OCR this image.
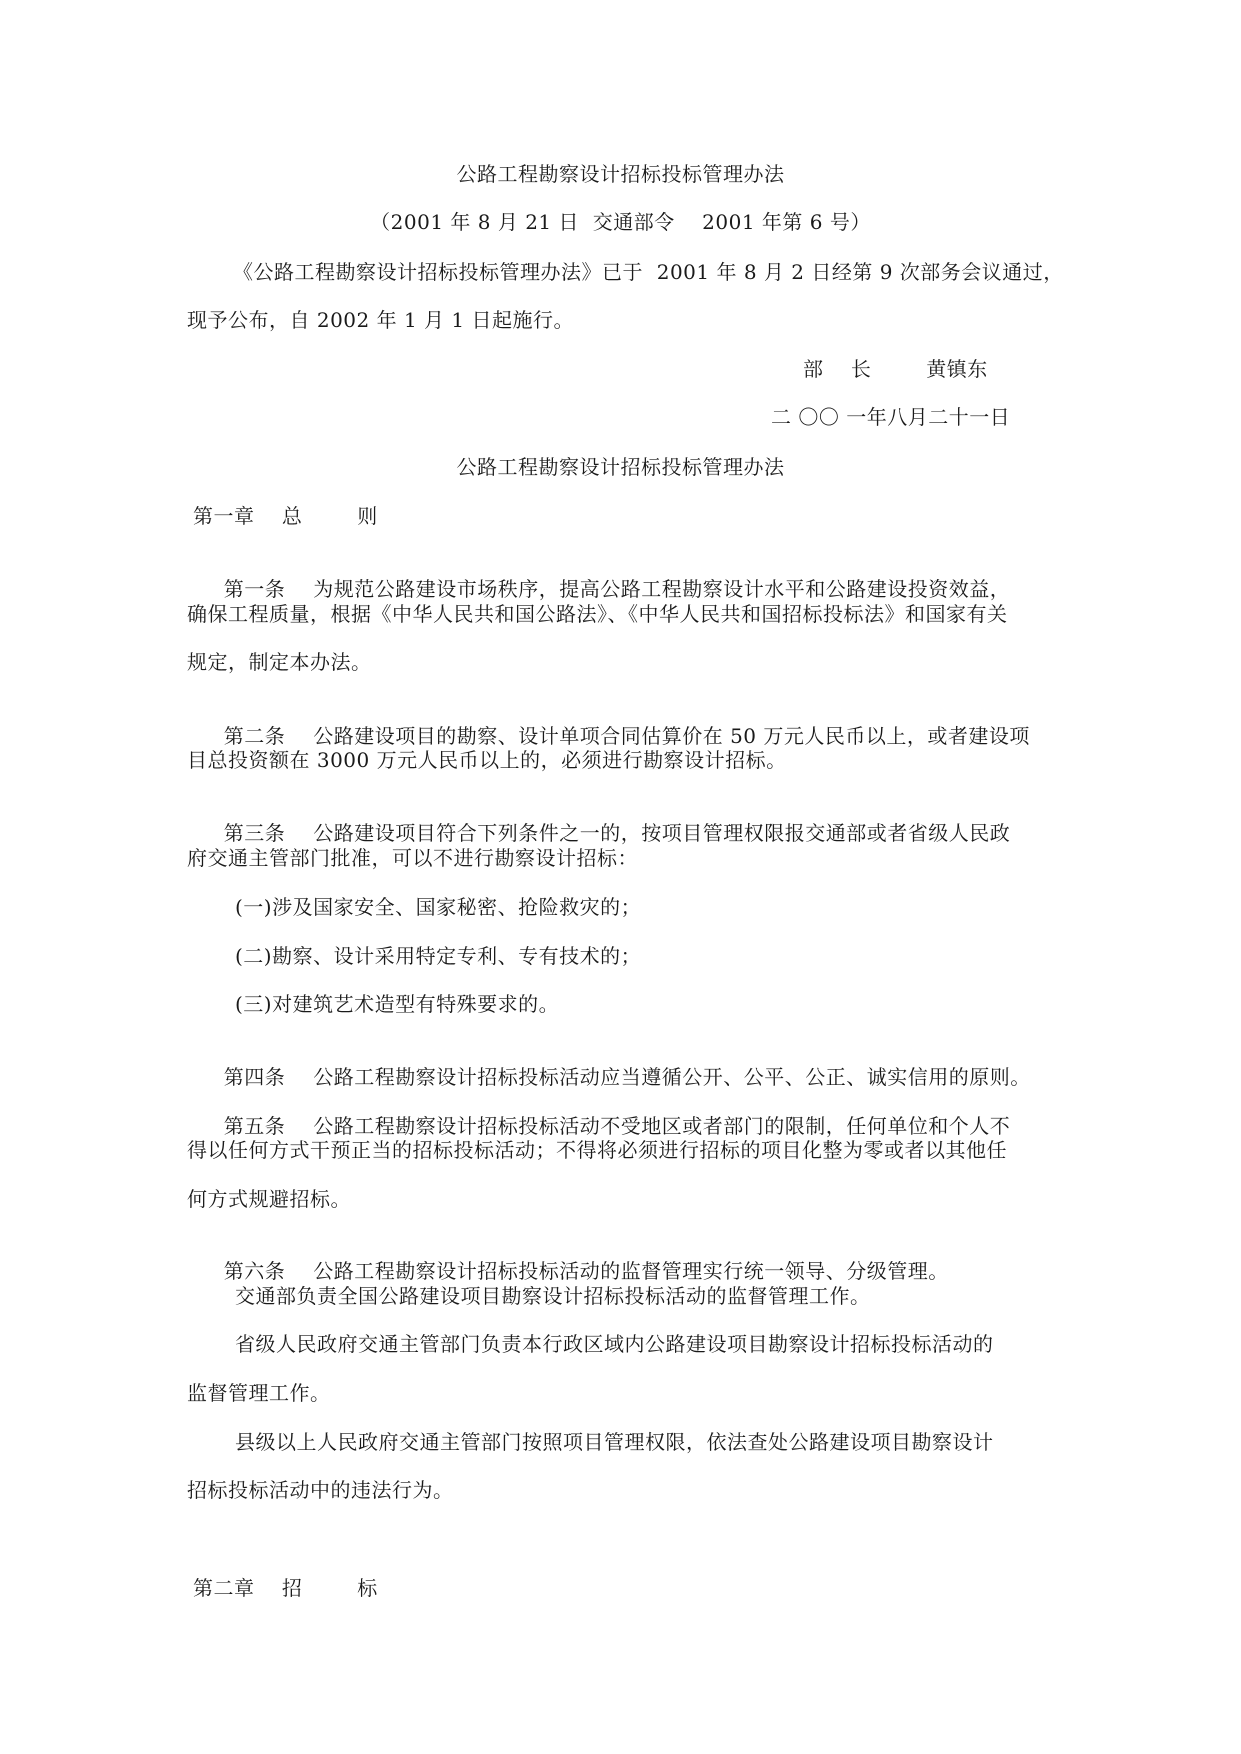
公路工程勘察设计招标投标管理办法
（2001 年 8 月 21 日  交通部令    2001 年第 6 号）
《公路工程勘察设计招标投标管理办法》已于  2001 年 8 月 2 日经第 9 次部务会议通过，
现予公布，自 2002 年 1 月 1 日起施行。
部    长        黄镇东
二 〇〇 一年八月二十一日
公路工程勘察设计招标投标管理办法
第一章    总        则

第一条 为规范公路建设市场秩序，提高公路工程勘察设计水平和公路建设投资效益，

确保工程质量，根据《中华人民共和国公路法》、《中华人民共和国招标投标法》和国家有关
规定，制定本办法。

第二条 公路建设项目的勘察、设计单项合同估算价在 50 万元人民币以上，或者建设项

目总投资额在 3000 万元人民币以上的，必须进行勘察设计招标。

第三条 公路建设项目符合下列条件之一的，按项目管理权限报交通部或者省级人民政

府交通主管部门批准，可以不进行勘察设计招标：
(一)涉及国家安全、国家秘密、抢险救灾的；
(二)勘察、设计采用特定专利、专有技术的；
(三)对建筑艺术造型有特殊要求的。

第四条 公路工程勘察设计招标投标活动应当遵循公开、公平、公正、诚实信用的原则。

第五条 公路工程勘察设计招标投标活动不受地区或者部门的限制，任何单位和个人不

得以任何方式干预正当的招标投标活动；不得将必须进行招标的项目化整为零或者以其他任
何方式规避招标。

第六条 公路工程勘察设计招标投标活动的监督管理实行统一领导、分级管理。

交通部负责全国公路建设项目勘察设计招标投标活动的监督管理工作。
省级人民政府交通主管部门负责本行政区域内公路建设项目勘察设计招标投标活动的
监督管理工作。
县级以上人民政府交通主管部门按照项目管理权限，依法查处公路建设项目勘察设计
招标投标活动中的违法行为。
第二章    招        标
